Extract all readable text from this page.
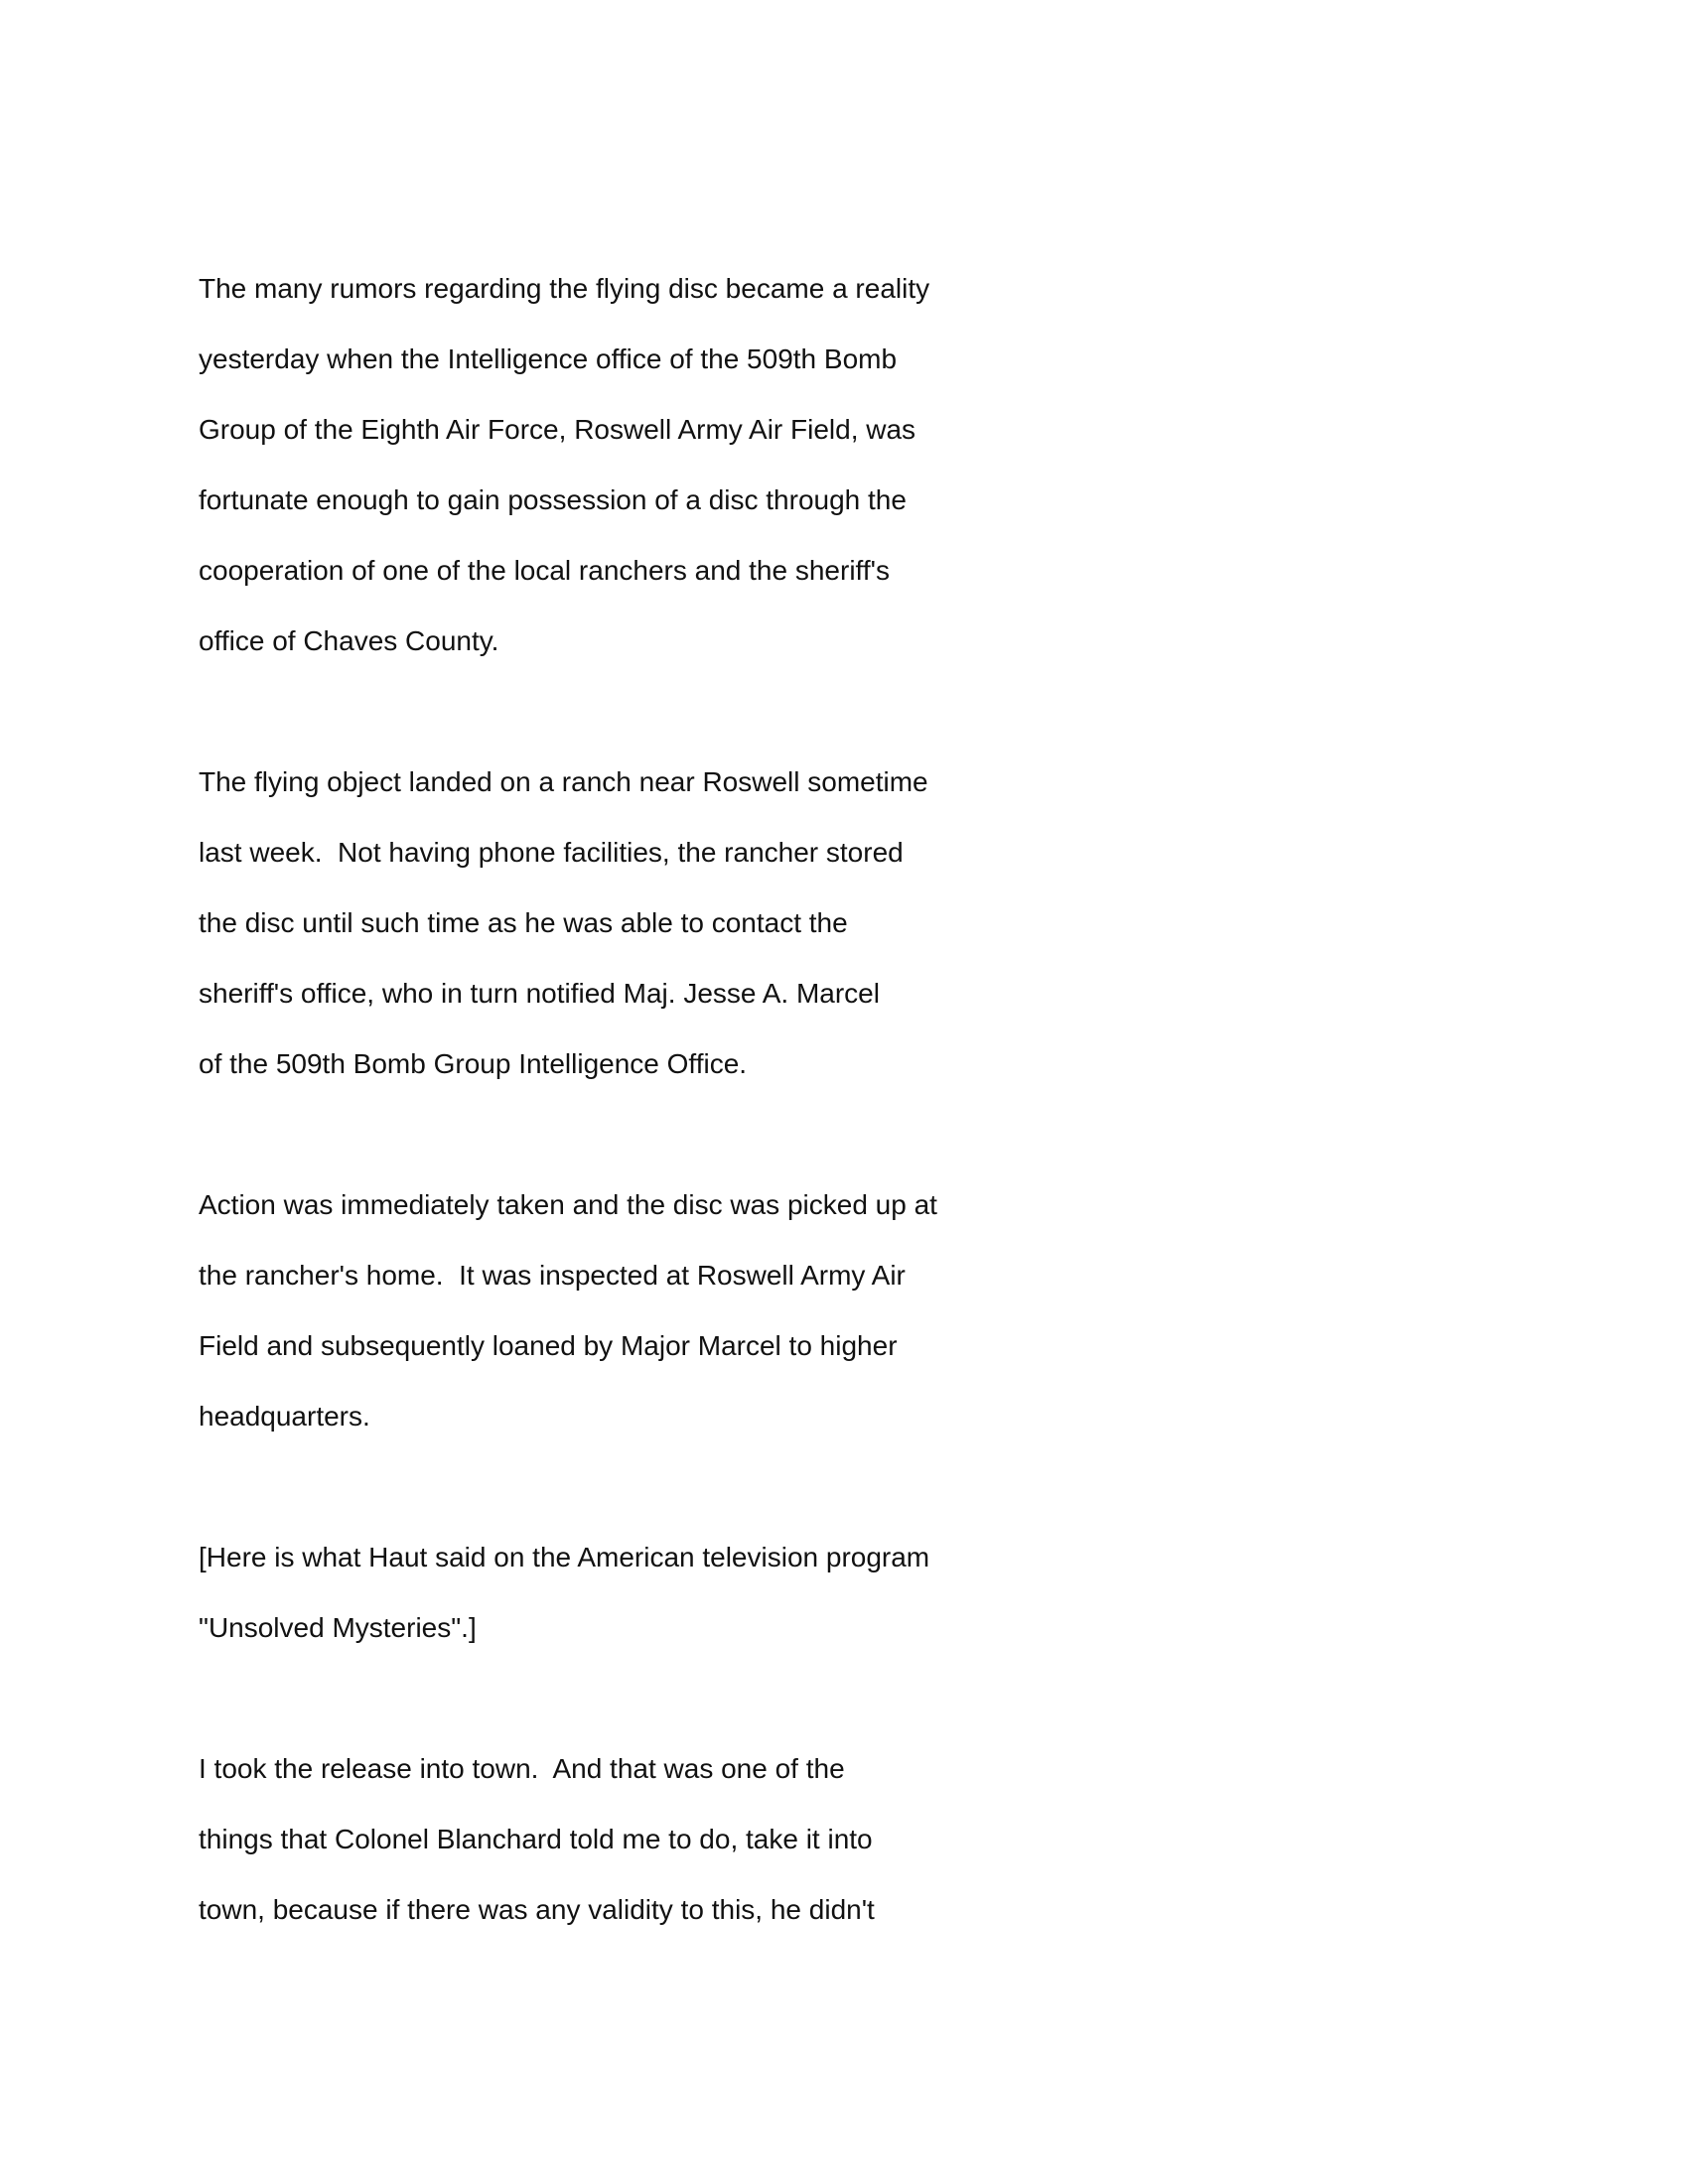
The many rumors regarding the flying disc became a reality
yesterday when the Intelligence office of the 509th Bomb
Group of the Eighth Air Force, Roswell Army Air Field, was
fortunate enough to gain possession of a disc through the
cooperation of one of the local ranchers and the sheriff's
office of Chaves County.
The flying object landed on a ranch near Roswell sometime
last week.  Not having phone facilities, the rancher stored
the disc until such time as he was able to contact the
sheriff's office, who in turn notified Maj. Jesse A. Marcel
of the 509th Bomb Group Intelligence Office.
Action was immediately taken and the disc was picked up at
the rancher's home.  It was inspected at Roswell Army Air
Field and subsequently loaned by Major Marcel to higher
headquarters.
[Here is what Haut said on the American television program
"Unsolved Mysteries".]
I took the release into town.  And that was one of the
things that Colonel Blanchard told me to do, take it into
town, because if there was any validity to this, he didn't
